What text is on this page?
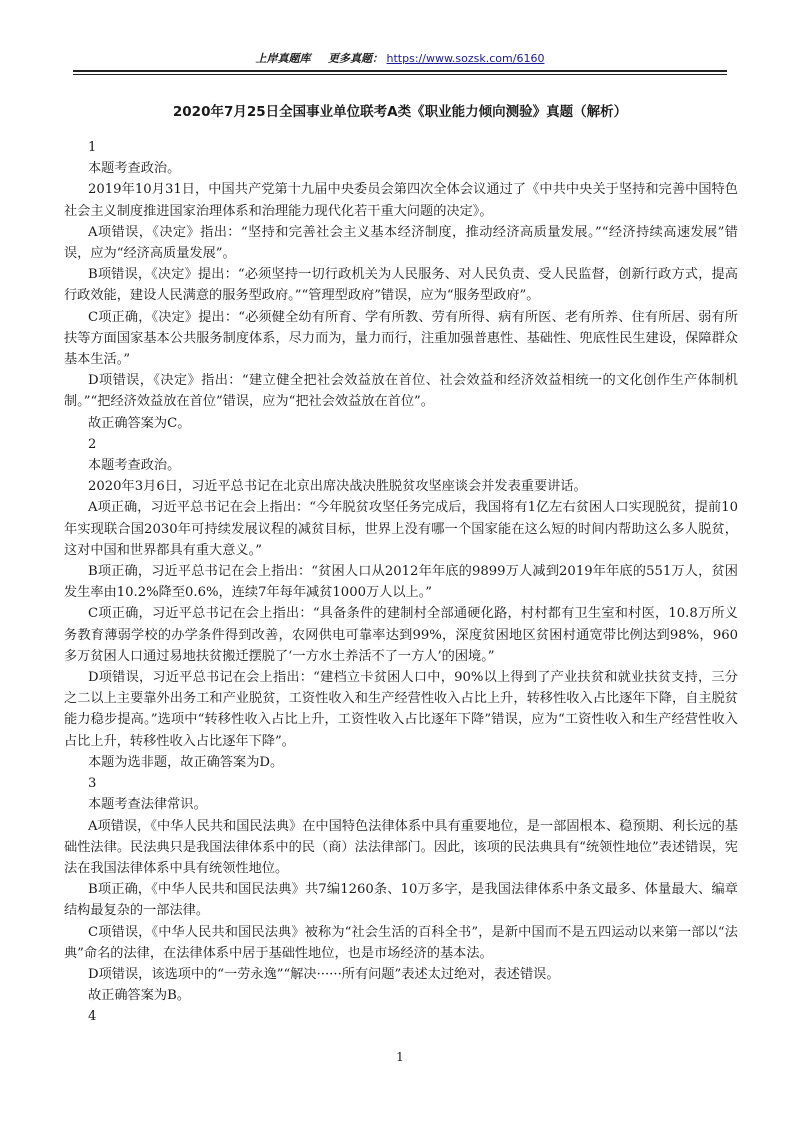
上岸真题库 更多真题： https://www.sozsk.com/6160
2020年7月25日全国事业单位联考A类《职业能力倾向测验》真题（解析）

1

本题考查政治。

2019年10月31日，中国共产党第十九届中央委员会第四次全体会议通过了《中共中央关于坚持和完善中国特色社会主义制度推进国家治理体系和治理能力现代化若干重大问题的决定》。

A项错误，《决定》指出：“坚持和完善社会主义基本经济制度，推动经济高质量发展。”“经济持续高速发展”错误，应为“经济高质量发展”。

B项错误，《决定》提出：“必须坚持一切行政机关为人民服务、对人民负责、受人民监督，创新行政方式，提高行政效能，建设人民满意的服务型政府。”“管理型政府”错误，应为“服务型政府”。

C项正确，《决定》提出：“必须健全幼有所育、学有所教、劳有所得、病有所医、老有所养、住有所居、弱有所扶等方面国家基本公共服务制度体系，尽力而为，量力而行，注重加强普惠性、基础性、兜底性民生建设，保障群众基本生活。”

D项错误，《决定》指出：“建立健全把社会效益放在首位、社会效益和经济效益相统一的文化创作生产体制机制。”“把经济效益放在首位”错误，应为“把社会效益放在首位”。

故正确答案为C。

2

本题考查政治。

2020年3月6日，习近平总书记在北京出席决战决胜脱贫攻坚座谈会并发表重要讲话。

A项正确，习近平总书记在会上指出：“今年脱贫攻坚任务完成后，我国将有1亿左右贫困人口实现脱贫，提前10年实现联合国2030年可持续发展议程的减贫目标，世界上没有哪一个国家能在这么短的时间内帮助这么多人脱贫，这对中国和世界都具有重大意义。”

B项正确，习近平总书记在会上指出：“贫困人口从2012年年底的9899万人减到2019年年底的551万人，贫困发生率由10.2%降至0.6%，连续7年每年减贫1000万人以上。”

C项正确，习近平总书记在会上指出：“具备条件的建制村全部通硬化路，村村都有卫生室和村医，10.8万所义务教育薄弱学校的办学条件得到改善，农网供电可靠率达到99%，深度贫困地区贫困村通宽带比例达到98%，960多万贫困人口通过易地扶贫搬迁摆脱了‘一方水土养活不了一方人’的困境。”

D项错误，习近平总书记在会上指出：“建档立卡贫困人口中，90%以上得到了产业扶贫和就业扶贫支持，三分之二以上主要靠外出务工和产业脱贫，工资性收入和生产经营性收入占比上升，转移性收入占比逐年下降，自主脱贫能力稳步提高。”选项中“转移性收入占比上升，工资性收入占比逐年下降”错误，应为“工资性收入和生产经营性收入占比上升，转移性收入占比逐年下降”。

本题为选非题，故正确答案为D。

3

本题考查法律常识。

A项错误，《中华人民共和国民法典》在中国特色法律体系中具有重要地位，是一部固根本、稳预期、利长远的基础性法律。民法典只是我国法律体系中的民（商）法法律部门。因此，该项的民法典具有“统领性地位”表述错误，宪法在我国法律体系中具有统领性地位。

B项正确，《中华人民共和国民法典》共7编1260条、10万多字，是我国法律体系中条文最多、体量最大、编章结构最复杂的一部法律。

C项错误，《中华人民共和国民法典》被称为“社会生活的百科全书”，是新中国而不是五四运动以来第一部以“法典”命名的法律，在法律体系中居于基础性地位，也是市场经济的基本法。

D项错误，该选项中的“一劳永逸”“解决······所有问题”表述太过绝对，表述错误。

故正确答案为B。

4

1
